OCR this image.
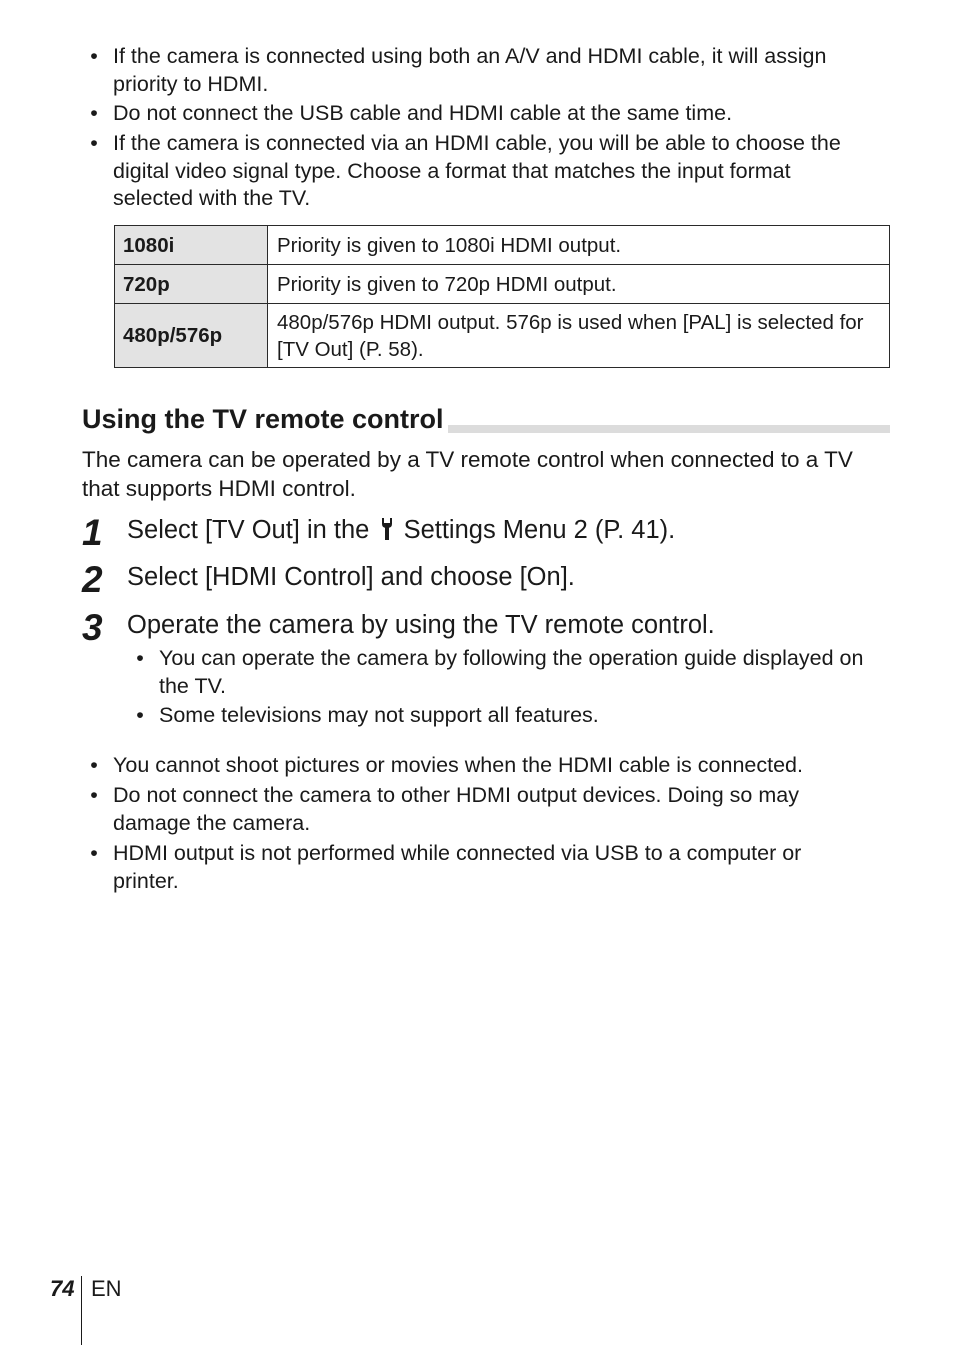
• If the camera is connected using both an A/V and HDMI cable, it will assign priority to HDMI.
• Do not connect the USB cable and HDMI cable at the same time.
• If the camera is connected via an HDMI cable, you will be able to choose the digital video signal type. Choose a format that matches the input format selected with the TV.
1080i	Priority is given to 1080i HDMI output.
720p	Priority is given to 720p HDMI output.
480p/576p	480p/576p HDMI output. 576p is used when [PAL] is selected for [TV Out] (P. 58).
Using the TV remote control

The camera can be operated by a TV remote control when connected to a TV that supports HDMI control.

1 Select [TV Out] in the Settings Menu 2 (P. 41).
2 Select [HDMI Control] and choose [On].
3 Operate the camera by using the TV remote control.
• You can operate the camera by following the operation guide displayed on the TV.
• Some televisions may not support all features.
• You cannot shoot pictures or movies when the HDMI cable is connected.
• Do not connect the camera to other HDMI output devices. Doing so may damage the camera.
• HDMI output is not performed while connected via USB to a computer or printer.
74 EN
